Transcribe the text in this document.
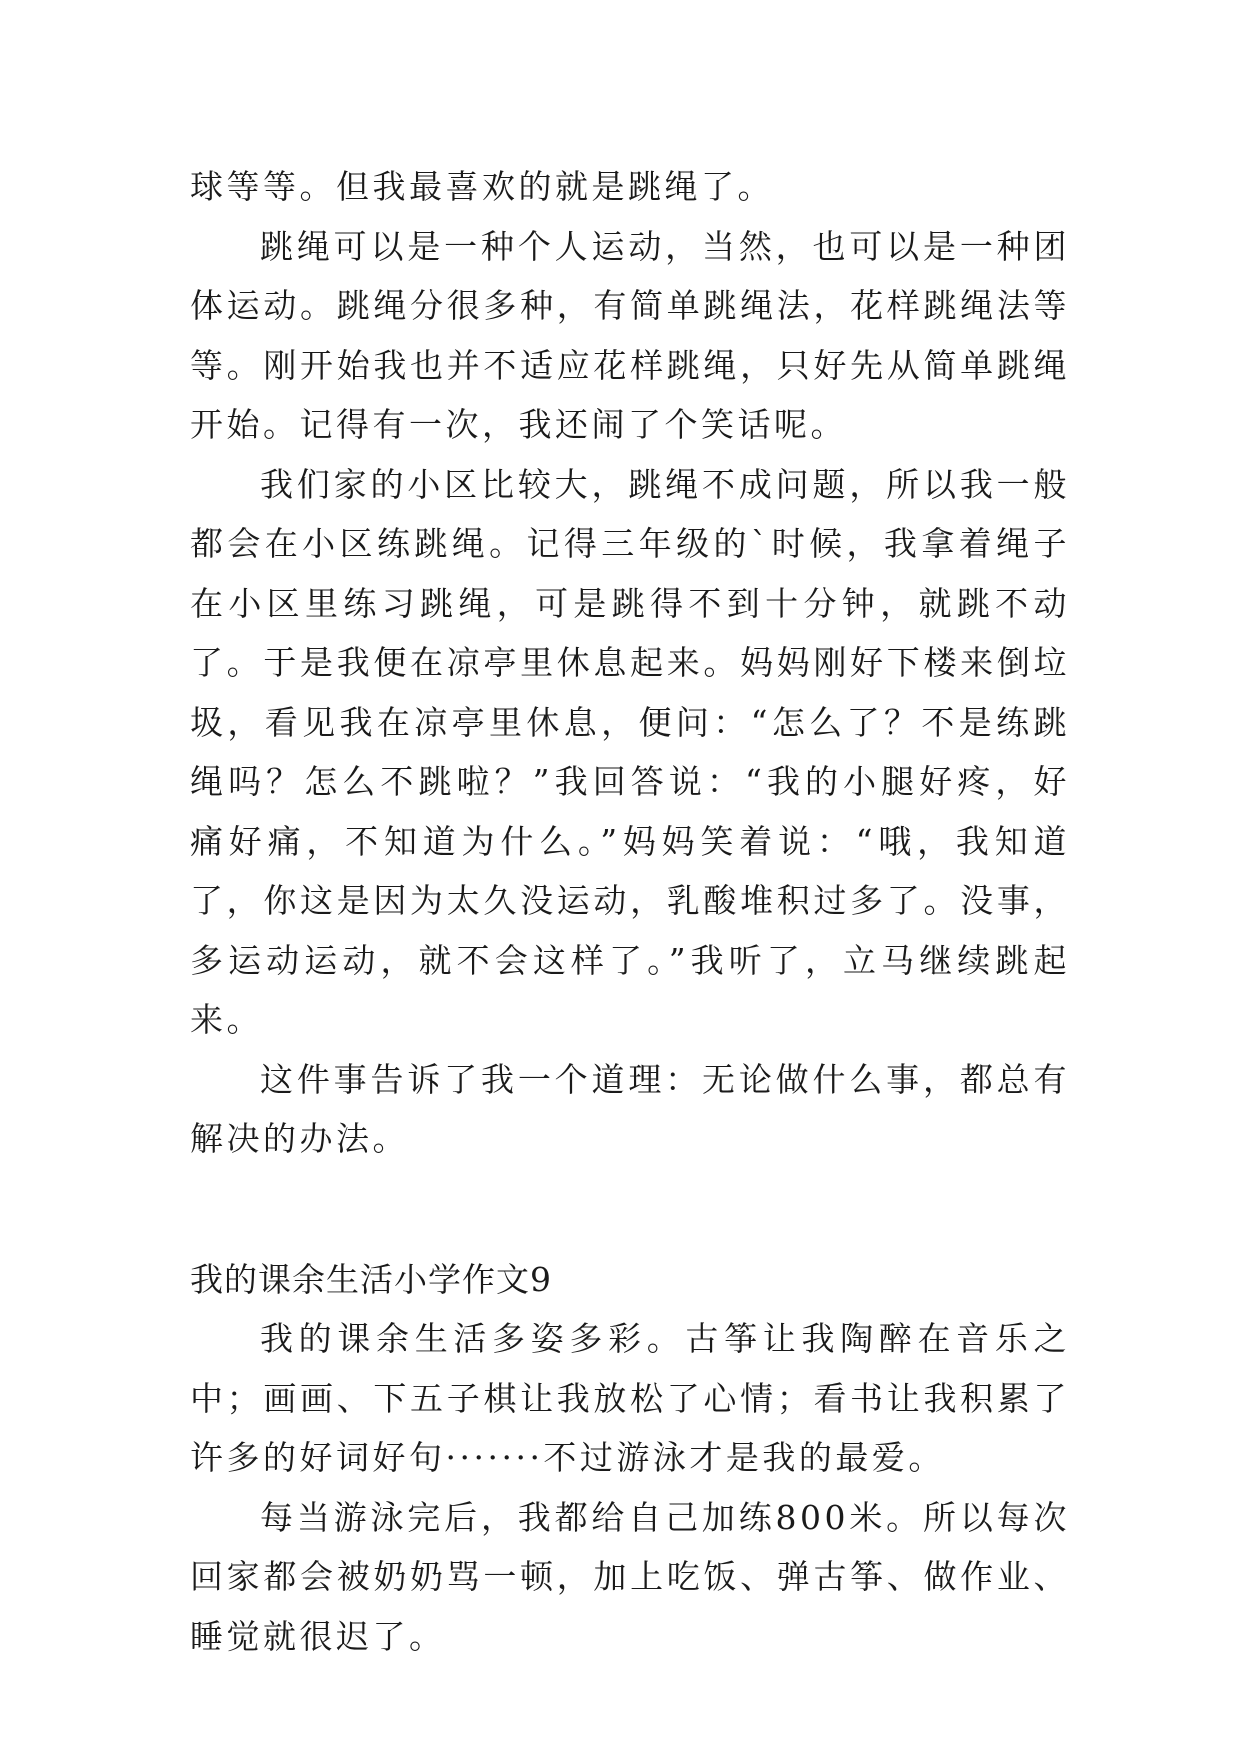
球等等。但我最喜欢的就是跳绳了。

跳绳可以是一种个人运动，当然，也可以是一种团体运动。跳绳分很多种，有简单跳绳法，花样跳绳法等等。刚开始我也并不适应花样跳绳，只好先从简单跳绳开始。记得有一次，我还闹了个笑话呢。

我们家的小区比较大，跳绳不成问题，所以我一般都会在小区练跳绳。记得三年级的`时候，我拿着绳子在小区里练习跳绳，可是跳得不到十分钟，就跳不动了。于是我便在凉亭里休息起来。妈妈刚好下楼来倒垃圾，看见我在凉亭里休息，便问：“怎么了？不是练跳绳吗？怎么不跳啦？”我回答说：“我的小腿好疼，好痛好痛，不知道为什么。”妈妈笑着说：“哦，我知道了，你这是因为太久没运动，乳酸堆积过多了。没事，多运动运动，就不会这样了。”我听了，立马继续跳起来。

这件事告诉了我一个道理：无论做什么事，都总有解决的办法。

我的课余生活小学作文9

我的课余生活多姿多彩。古筝让我陶醉在音乐之中；画画、下五子棋让我放松了心情；看书让我积累了许多的好词好句·······不过游泳才是我的最爱。

每当游泳完后，我都给自己加练800米。所以每次回家都会被奶奶骂一顿，加上吃饭、弹古筝、做作业、睡觉就很迟了。
